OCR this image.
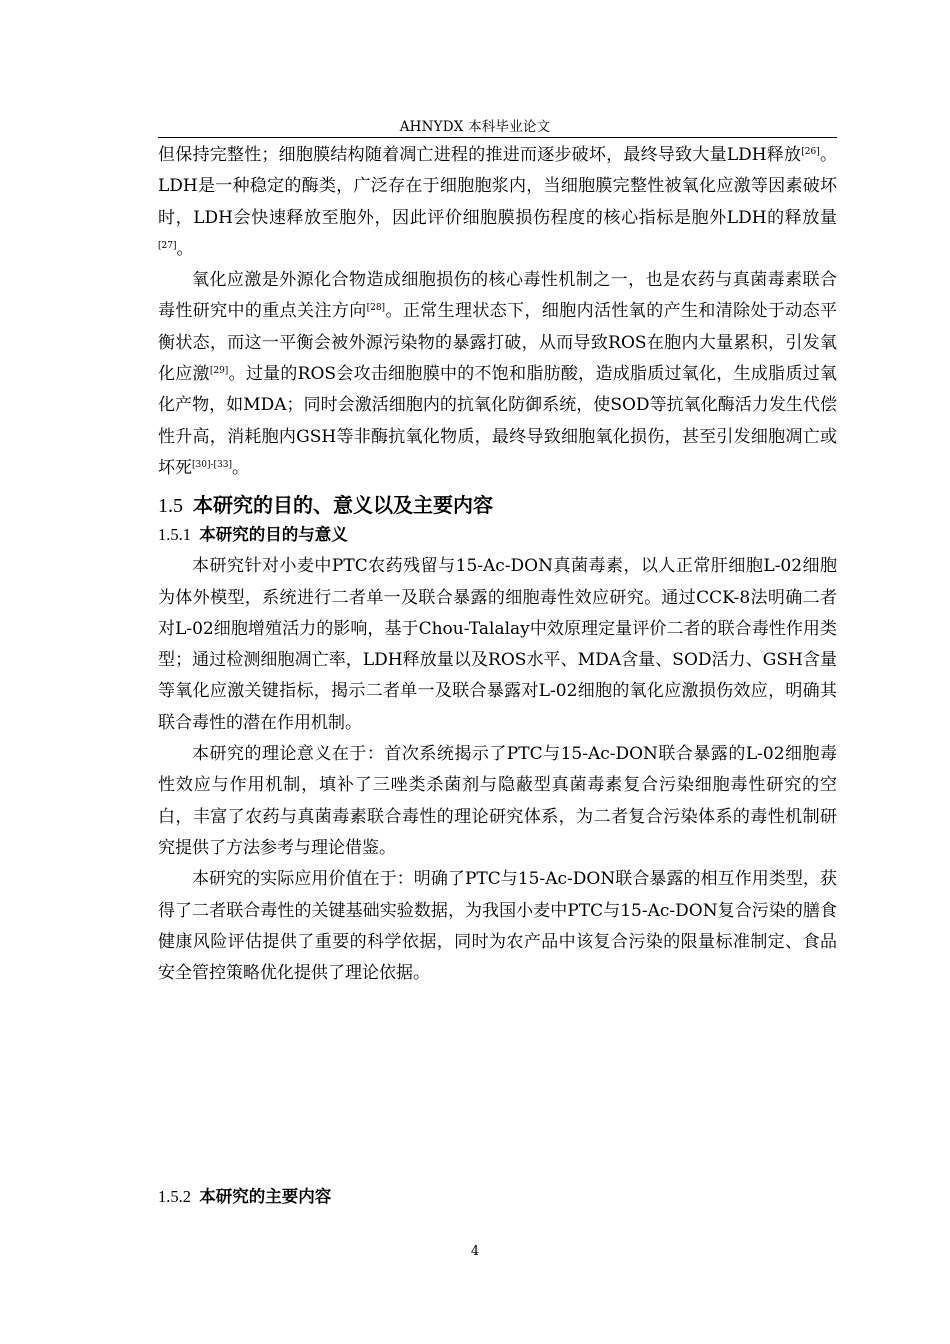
AHNYDX 本科毕业论文

但保持完整性；细胞膜结构随着凋亡进程的推进而逐步破坏，最终导致大量LDH释放[26]。LDH是一种稳定的酶类，广泛存在于细胞胞浆内，当细胞膜完整性被氧化应激等因素破坏时，LDH会快速释放至胞外，因此评价细胞膜损伤程度的核心指标是胞外LDH的释放量[27]。

氧化应激是外源化合物造成细胞损伤的核心毒性机制之一，也是农药与真菌毒素联合毒性研究中的重点关注方向[28]。正常生理状态下，细胞内活性氧的产生和清除处于动态平衡状态，而这一平衡会被外源污染物的暴露打破，从而导致ROS在胞内大量累积，引发氧化应激[29]。过量的ROS会攻击细胞膜中的不饱和脂肪酸，造成脂质过氧化，生成脂质过氧化产物，如MDA；同时会激活细胞内的抗氧化防御系统，使SOD等抗氧化酶活力发生代偿性升高，消耗胞内GSH等非酶抗氧化物质，最终导致细胞氧化损伤，甚至引发细胞凋亡或坏死[30]-[33]。

1.5 本研究的目的、意义以及主要内容
1.5.1 本研究的目的与意义

本研究针对小麦中PTC农药残留与15-Ac-DON真菌毒素，以人正常肝细胞L-02细胞为体外模型，系统进行二者单一及联合暴露的细胞毒性效应研究。通过CCK-8法明确二者对L-02细胞增殖活力的影响，基于Chou-Talalay中效原理定量评价二者的联合毒性作用类型；通过检测细胞凋亡率，LDH释放量以及ROS水平、MDA含量、SOD活力、GSH含量等氧化应激关键指标，揭示二者单一及联合暴露对L-02细胞的氧化应激损伤效应，明确其联合毒性的潜在作用机制。

本研究的理论意义在于：首次系统揭示了PTC与15-Ac-DON联合暴露的L-02细胞毒性效应与作用机制，填补了三唑类杀菌剂与隐蔽型真菌毒素复合污染细胞毒性研究的空白，丰富了农药与真菌毒素联合毒性的理论研究体系，为二者复合污染体系的毒性机制研究提供了方法参考与理论借鉴。

本研究的实际应用价值在于：明确了PTC与15-Ac-DON联合暴露的相互作用类型，获得了二者联合毒性的关键基础实验数据，为我国小麦中PTC与15-Ac-DON复合污染的膳食健康风险评估提供了重要的科学依据，同时为农产品中该复合污染的限量标准制定、食品安全管控策略优化提供了理论依据。

1.5.2 本研究的主要内容
4
